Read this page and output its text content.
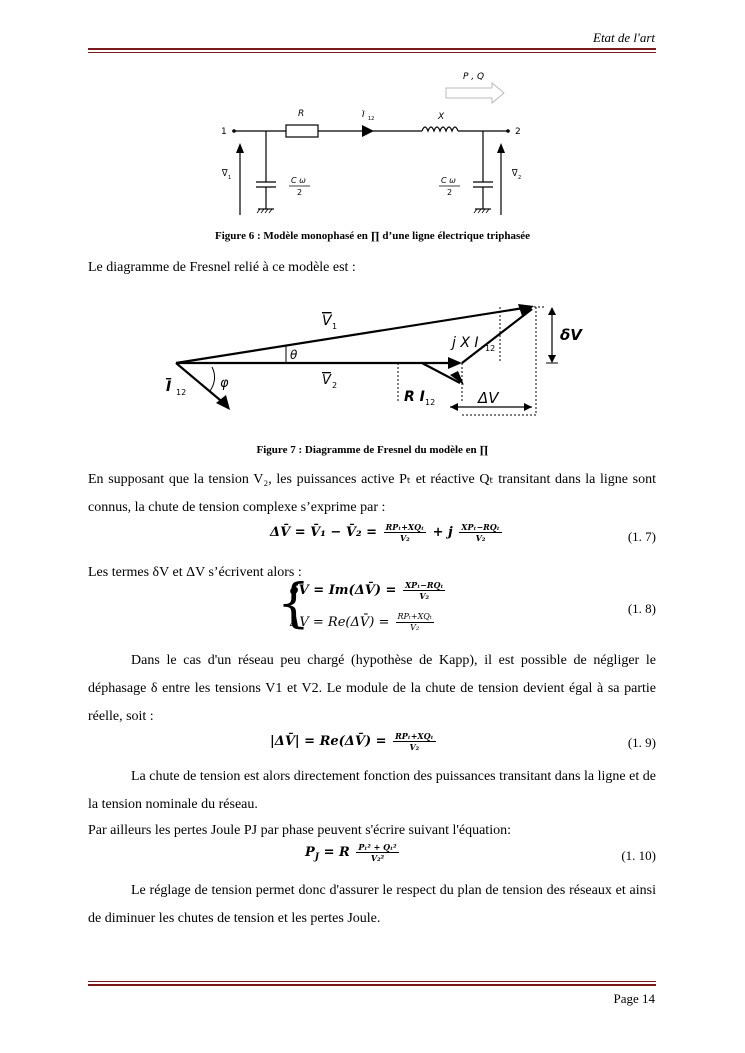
Etat de l'art
P , Q
1	2
R	I 12	X
C ω
2
C ω
2
V 1	V 2
Figure 6 : Modèle monophasé en ∏ d’une ligne électrique triphasée
Le diagramme de Fresnel relié à ce modèle est :
V 1
θ
V 2
φ
I 12
j X I 12
R I 12
δV
ΔV
Figure 7 : Diagramme de Fresnel du modèle en ∏
En supposant que la tension V₂, les puissances active Pₜ et réactive Qₜ transitant dans la ligne sont connus, la chute de tension complexe s’exprime par :
ΔV̄ = V̄₁ − V̄₂ = $\frac{\text{RPₜ+XQₜ}}{\text{V₂}} + j \frac{\text{XPₜ−RQₜ}}{\text{V₂}}$	(1. 7)
Les termes δV et ΔV s’écrivent alors :
{
δV = Im(ΔV̄) = $\frac{\text{XPₜ−RQₜ}}{\text{V₂}}$
ΔV = Re(ΔV̄) = $\frac{\text{RPₜ+XQₜ}}{\text{V₂}}$
(1. 8)
Dans le cas d'un réseau peu chargé (hypothèse de Kapp), il est possible de négliger le déphasage δ entre les tensions V1 et V2. Le module de la chute de tension devient égal à sa partie réelle, soit :
|ΔV̄| = Re(ΔV̄) = $\frac{\text{RPₜ+XQₜ}}{\text{V₂}}$	(1. 9)
La chute de tension est alors directement fonction des puissances transitant dans la ligne et de la tension nominale du réseau.
Par ailleurs les pertes Joule PJ par phase peuvent s'écrire suivant l'équation:
$P_J = R \frac{\text{Pₜ² + Qₜ²}}{\text{V₂²}}$	(1. 10)
Le réglage de tension permet donc d'assurer le respect du plan de tension des réseaux et ainsi de diminuer les chutes de tension et les pertes Joule.
Page 14
